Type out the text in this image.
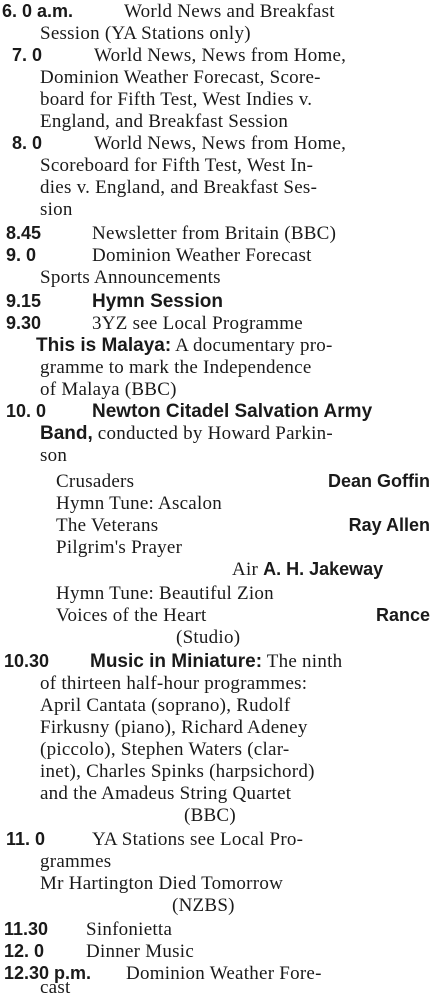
6. 0 a.m.	World News and Breakfast
Session (YA Stations only)
7. 0	World News, News from Home,
Dominion Weather Forecast, Score-
board for Fifth Test, West Indies v.
England, and Breakfast Session
8. 0	World News, News from Home,
Scoreboard for Fifth Test, West In-
dies v. England, and Breakfast Ses-
sion
8.45	Newsletter from Britain (BBC)
9. 0	Dominion Weather Forecast
Sports Announcements
9.15	Hymn Session
9.30	3YZ see Local Programme
This is Malaya: A documentary pro-
gramme to mark the Independence
of Malaya (BBC)
10. 0 Newton Citadel Salvation Army
Band, conducted by Howard Parkin-
son
Crusaders	Dean Goffin
Hymn Tune: Ascalon
The Veterans	Ray Allen
Pilgrim's Prayer
Air A. H. Jakeway
Hymn Tune: Beautiful Zion
Voices of the Heart	Rance
(Studio)
10.30 Music in Miniature: The ninth
of thirteen half-hour programmes:
April Cantata (soprano), Rudolf
Firkusny (piano), Richard Adeney
(piccolo), Stephen Waters (clar-
inet), Charles Spinks (harpsichord)
and the Amadeus String Quartet
(BBC)
11. 0 YA Stations see Local Pro-
grammes
Mr Hartington Died Tomorrow
(NZBS)
11.30 Sinfonietta
12. 0 Dinner Music
12.30 p.m. Dominion Weather Fore-
cast
